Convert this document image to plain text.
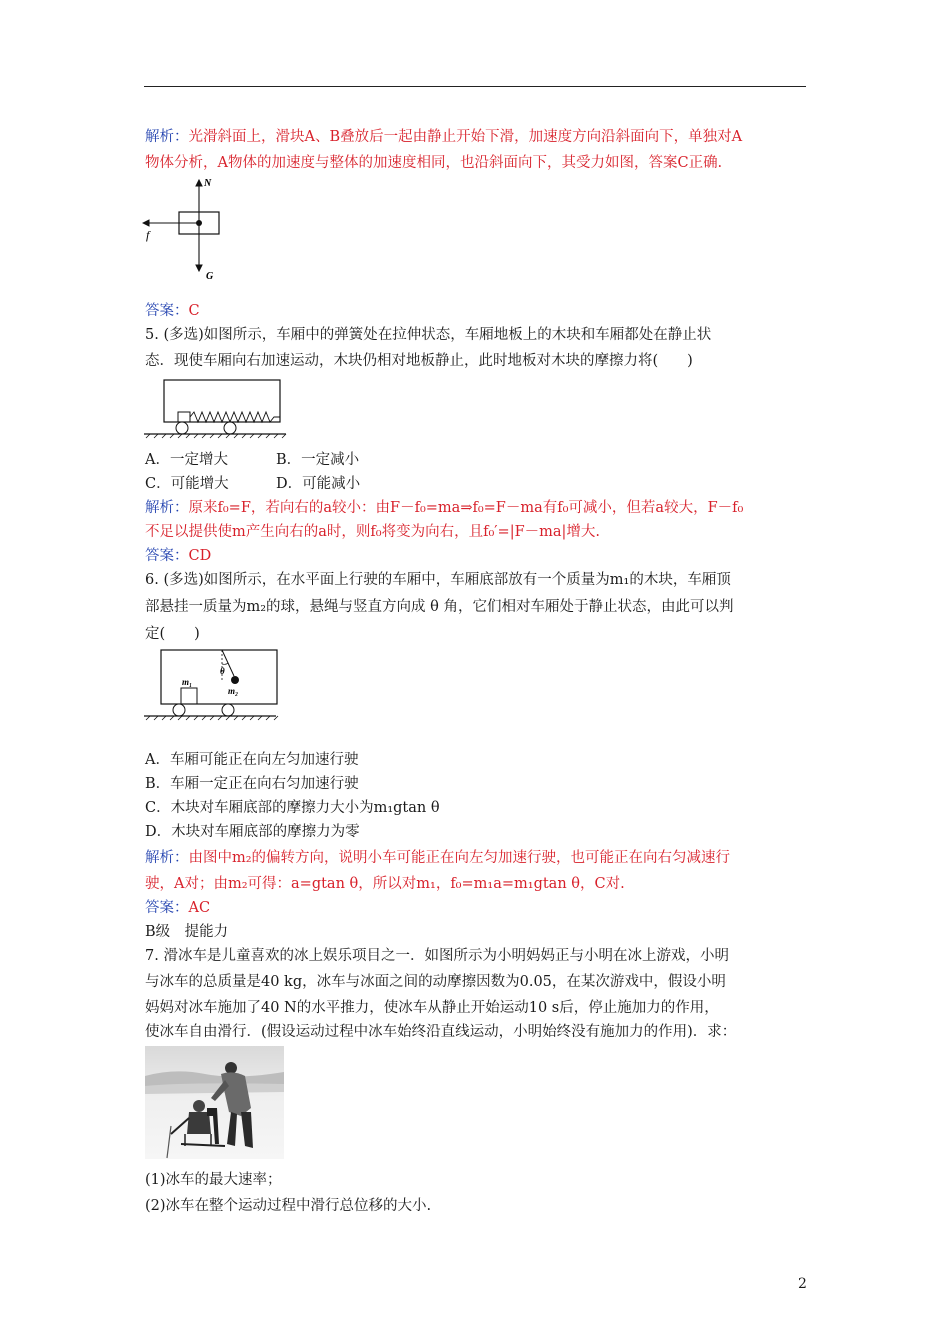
解析：光滑斜面上，滑块A、B叠放后一起由静止开始下滑，加速度方向沿斜面向下，单独对A
物体分析，A物体的加速度与整体的加速度相同，也沿斜面向下，其受力如图，答案C正确.
N
f
G
答案：C
5. (多选)如图所示，车厢中的弹簧处在拉伸状态，车厢地板上的木块和车厢都处在静止状
态．现使车厢向右加速运动，木块仍相对地板静止，此时地板对木块的摩擦力将(　　)
A．一定增大	B．一定减小
C．可能增大	D．可能减小
解析：原来f₀=F，若向右的a较小：由F－f₀=ma⇒f₀=F－ma有f₀可减小，但若a较大，F－f₀
不足以提供使m产生向右的a时，则f₀将变为向右，且f₀′=|F－ma|增大.
答案：CD
6. (多选)如图所示，在水平面上行驶的车厢中，车厢底部放有一个质量为m₁的木块，车厢顶
部悬挂一质量为m₂的球，悬绳与竖直方向成 θ 角，它们相对车厢处于静止状态，由此可以判
定(　　)
θ
m₂
m₁
A．车厢可能正在向左匀加速行驶
B．车厢一定正在向右匀加速行驶
C．木块对车厢底部的摩擦力大小为m₁gtan θ
D．木块对车厢底部的摩擦力为零
解析：由图中m₂的偏转方向，说明小车可能正在向左匀加速行驶，也可能正在向右匀减速行
驶，A对；由m₂可得：a=gtan θ，所以对m₁，f₀=m₁a=m₁gtan θ，C对.
答案：AC
B级　提能力
7. 滑冰车是儿童喜欢的冰上娱乐项目之一．如图所示为小明妈妈正与小明在冰上游戏，小明
与冰车的总质量是40 kg，冰车与冰面之间的动摩擦因数为0.05，在某次游戏中，假设小明
妈妈对冰车施加了40 N的水平推力，使冰车从静止开始运动10 s后，停止施加力的作用，
使冰车自由滑行．(假设运动过程中冰车始终沿直线运动，小明始终没有施加力的作用)．求：
(1)冰车的最大速率；
(2)冰车在整个运动过程中滑行总位移的大小.
2
